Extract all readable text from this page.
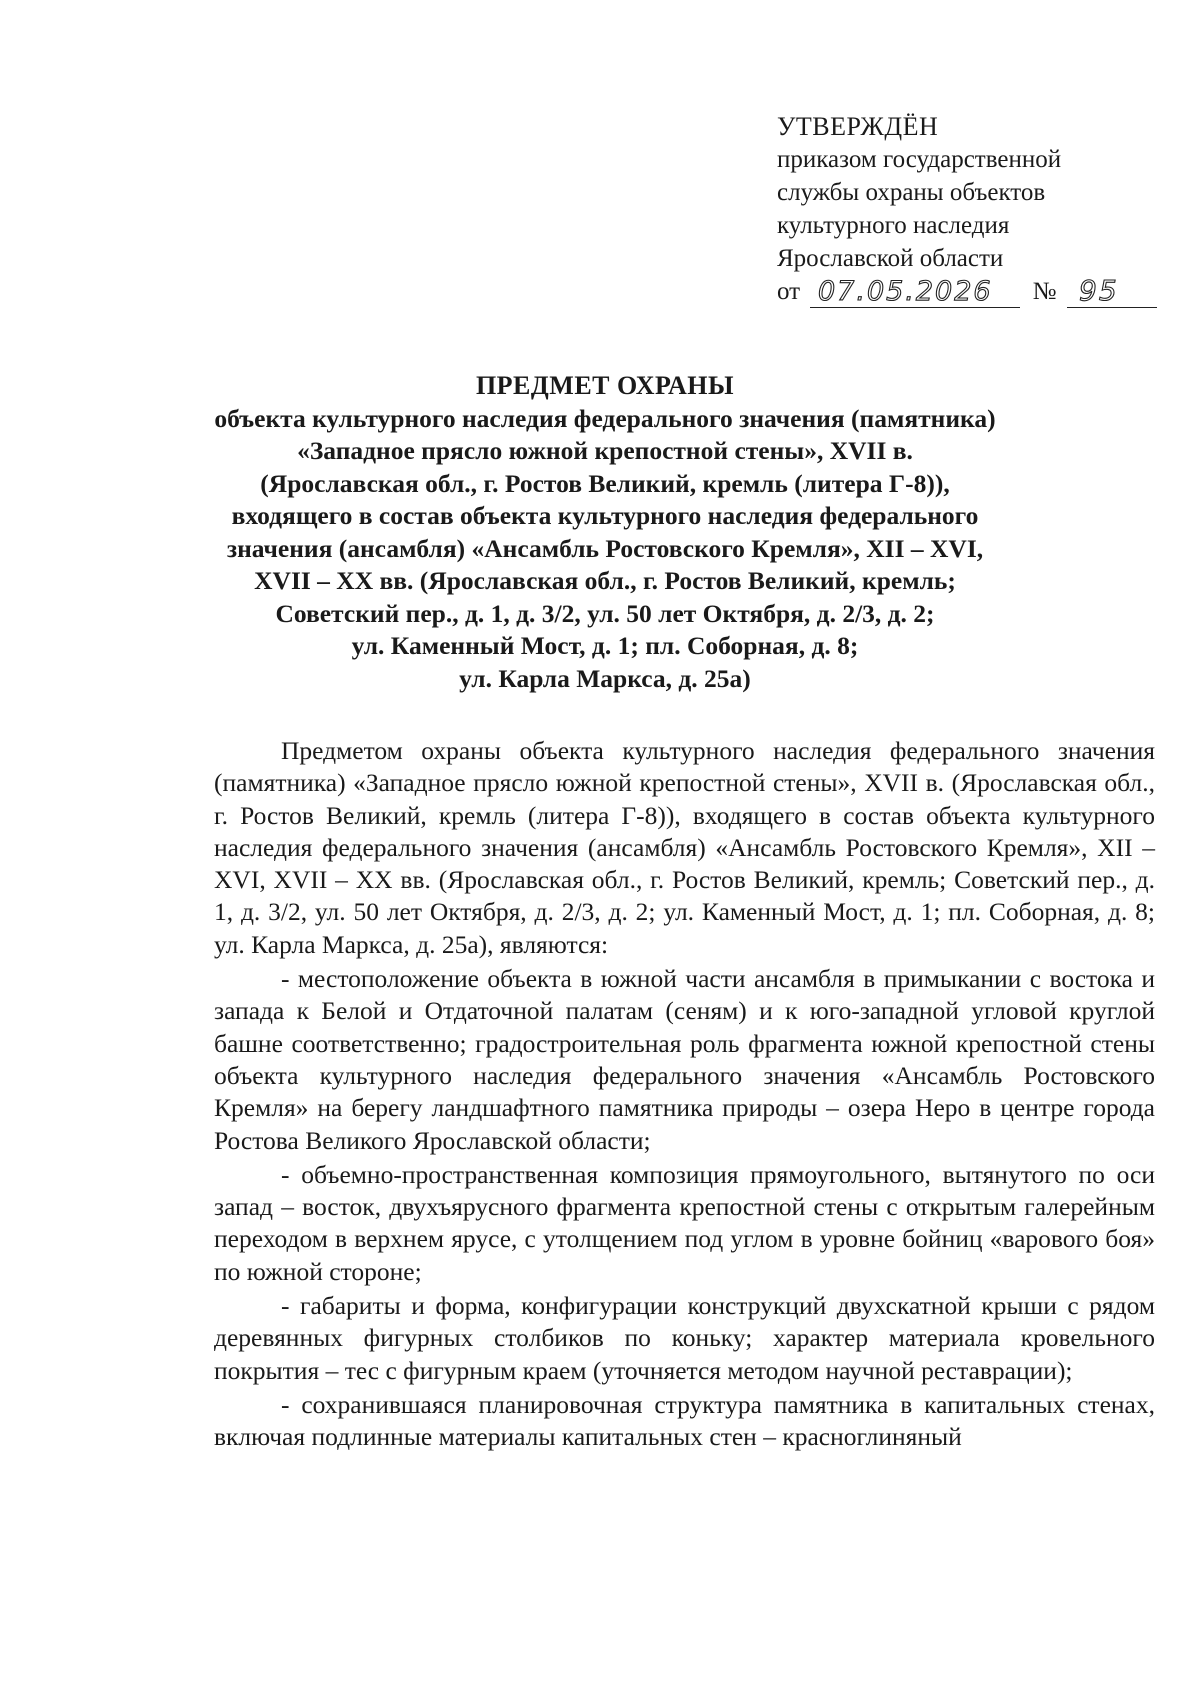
УТВЕРЖДЁН
приказом государственной
службы охраны объектов
культурного наследия
Ярославской области
от 07.05.2026 № 95
ПРЕДМЕТ ОХРАНЫ
объекта культурного наследия федерального значения (памятника)
«Западное прясло южной крепостной стены», XVII в.
(Ярославская обл., г. Ростов Великий, кремль (литера Г-8)),
входящего в состав объекта культурного наследия федерального
значения (ансамбля) «Ансамбль Ростовского Кремля», XII – XVI,
XVII – XX вв. (Ярославская обл., г. Ростов Великий, кремль;
Советский пер., д. 1, д. 3/2, ул. 50 лет Октября, д. 2/3, д. 2;
ул. Каменный Мост, д. 1; пл. Соборная, д. 8;
ул. Карла Маркса, д. 25а)

Предметом охраны объекта культурного наследия федерального значения (памятника) «Западное прясло южной крепостной стены», XVII в. (Ярославская обл., г. Ростов Великий, кремль (литера Г-8)), входящего в состав объекта культурного наследия федерального значения (ансамбля) «Ансамбль Ростовского Кремля», XII – XVI, XVII – XX вв. (Ярославская обл., г. Ростов Великий, кремль; Советский пер., д. 1, д. 3/2, ул. 50 лет Октября, д. 2/3, д. 2; ул. Каменный Мост, д. 1; пл. Соборная, д. 8; ул. Карла Маркса, д. 25а), являются:

- местоположение объекта в южной части ансамбля в примыкании с востока и запада к Белой и Отдаточной палатам (сеням) и к юго-западной угловой круглой башне соответственно; градостроительная роль фрагмента южной крепостной стены объекта культурного наследия федерального значения «Ансамбль Ростовского Кремля» на берегу ландшафтного памятника природы – озера Неро в центре города Ростова Великого Ярославской области;

- объемно-пространственная композиция прямоугольного, вытянутого по оси запад – восток, двухъярусного фрагмента крепостной стены с открытым галерейным переходом в верхнем ярусе, с утолщением под углом в уровне бойниц «варового боя» по южной стороне;

- габариты и форма, конфигурации конструкций двухскатной крыши с рядом деревянных фигурных столбиков по коньку; характер материала кровельного покрытия – тес с фигурным краем (уточняется методом научной реставрации);

- сохранившаяся планировочная структура памятника в капитальных стенах, включая подлинные материалы капитальных стен – красноглиняный
